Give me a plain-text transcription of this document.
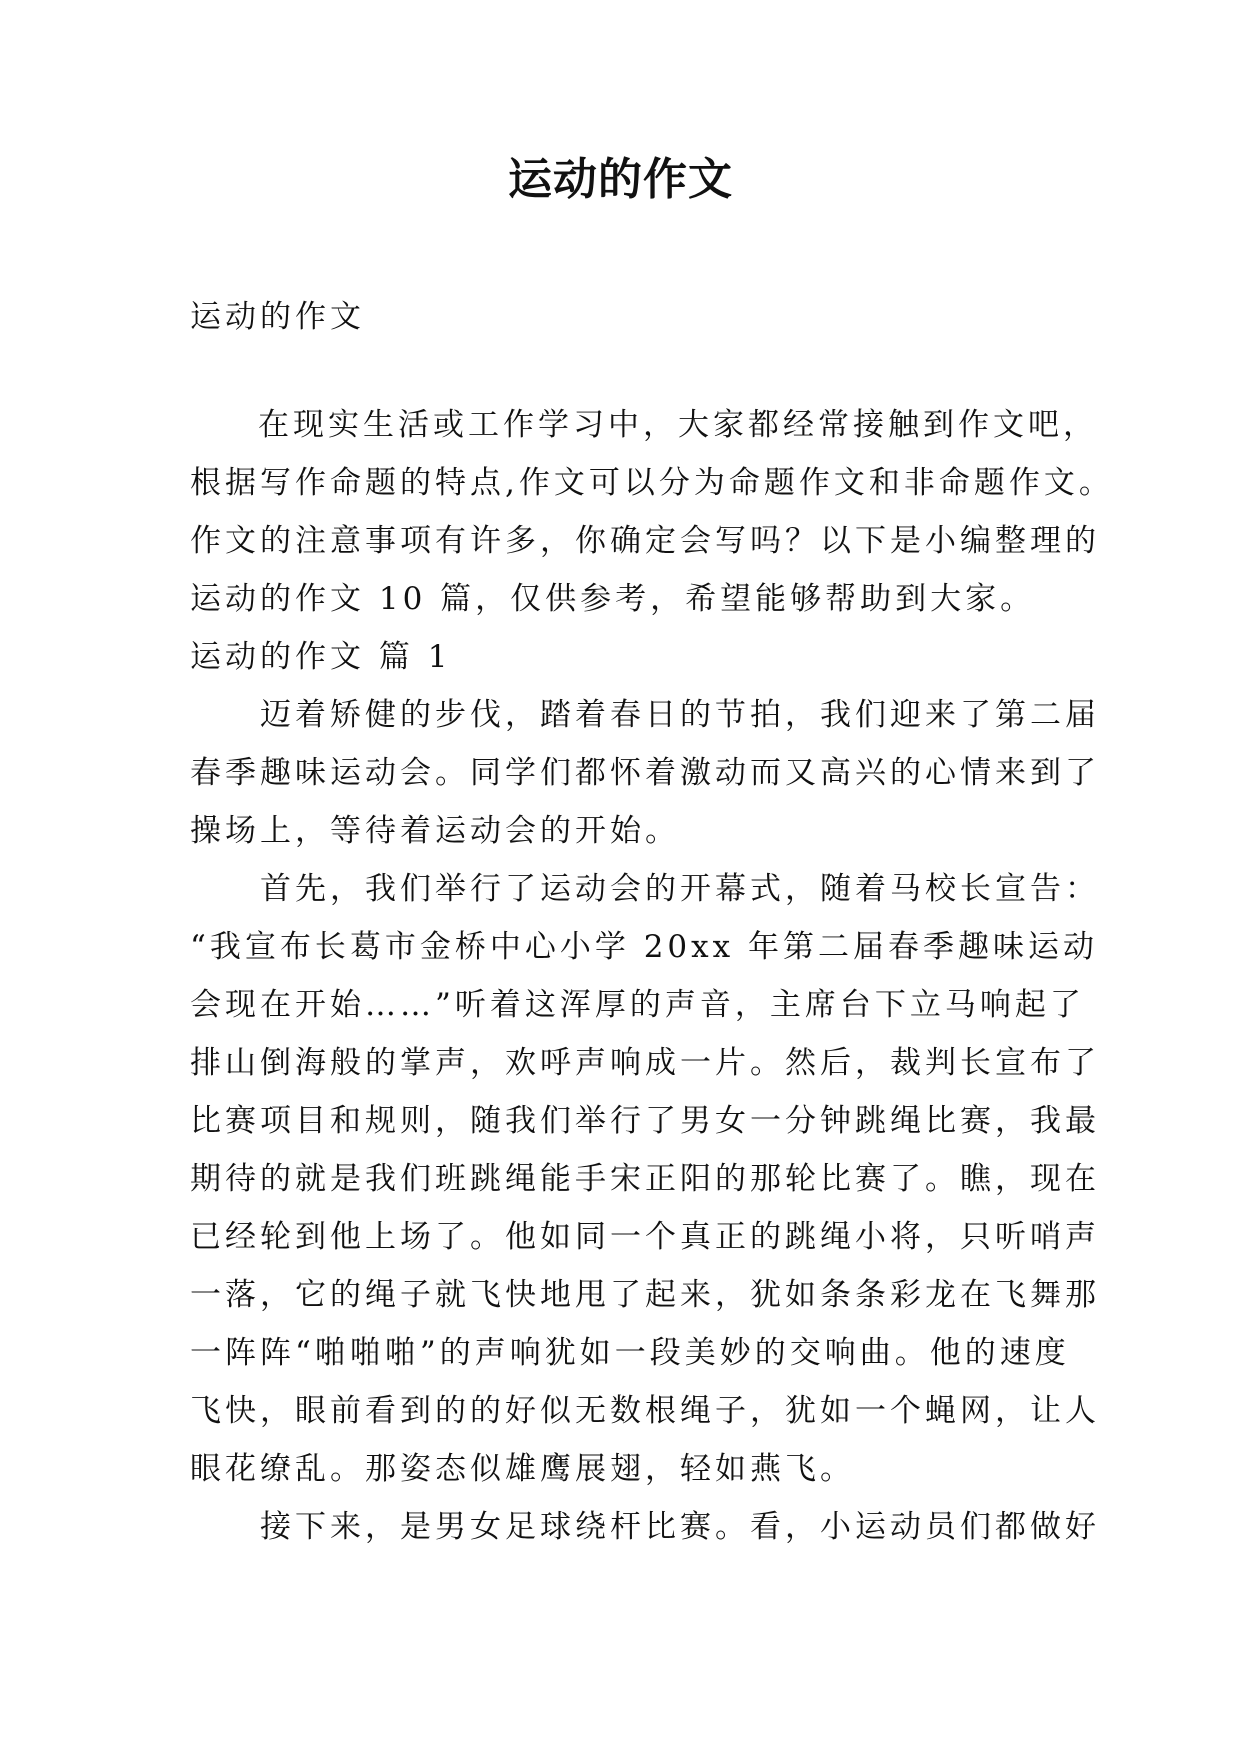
运动的作文
运动的作文
在现实生活或工作学习中，大家都经常接触到作文吧，
根据写作命题的特点,作文可以分为命题作文和非命题作文。
作文的注意事项有许多，你确定会写吗？以下是小编整理的
运动的作文 10 篇，仅供参考，希望能够帮助到大家。
运动的作文 篇 1
迈着矫健的步伐，踏着春日的节拍，我们迎来了第二届
春季趣味运动会。同学们都怀着激动而又高兴的心情来到了
操场上，等待着运动会的开始。
首先，我们举行了运动会的开幕式，随着马校长宣告：
“我宣布长葛市金桥中心小学 20xx 年第二届春季趣味运动
会现在开始……”听着这浑厚的声音，主席台下立马响起了
排山倒海般的掌声，欢呼声响成一片。然后，裁判长宣布了
比赛项目和规则，随我们举行了男女一分钟跳绳比赛，我最
期待的就是我们班跳绳能手宋正阳的那轮比赛了。瞧，现在
已经轮到他上场了。他如同一个真正的跳绳小将，只听哨声
一落，它的绳子就飞快地甩了起来，犹如条条彩龙在飞舞那
一阵阵“啪啪啪”的声响犹如一段美妙的交响曲。他的速度
飞快，眼前看到的的好似无数根绳子，犹如一个蝇网，让人
眼花缭乱。那姿态似雄鹰展翅，轻如燕飞。
接下来，是男女足球绕杆比赛。看，小运动员们都做好
